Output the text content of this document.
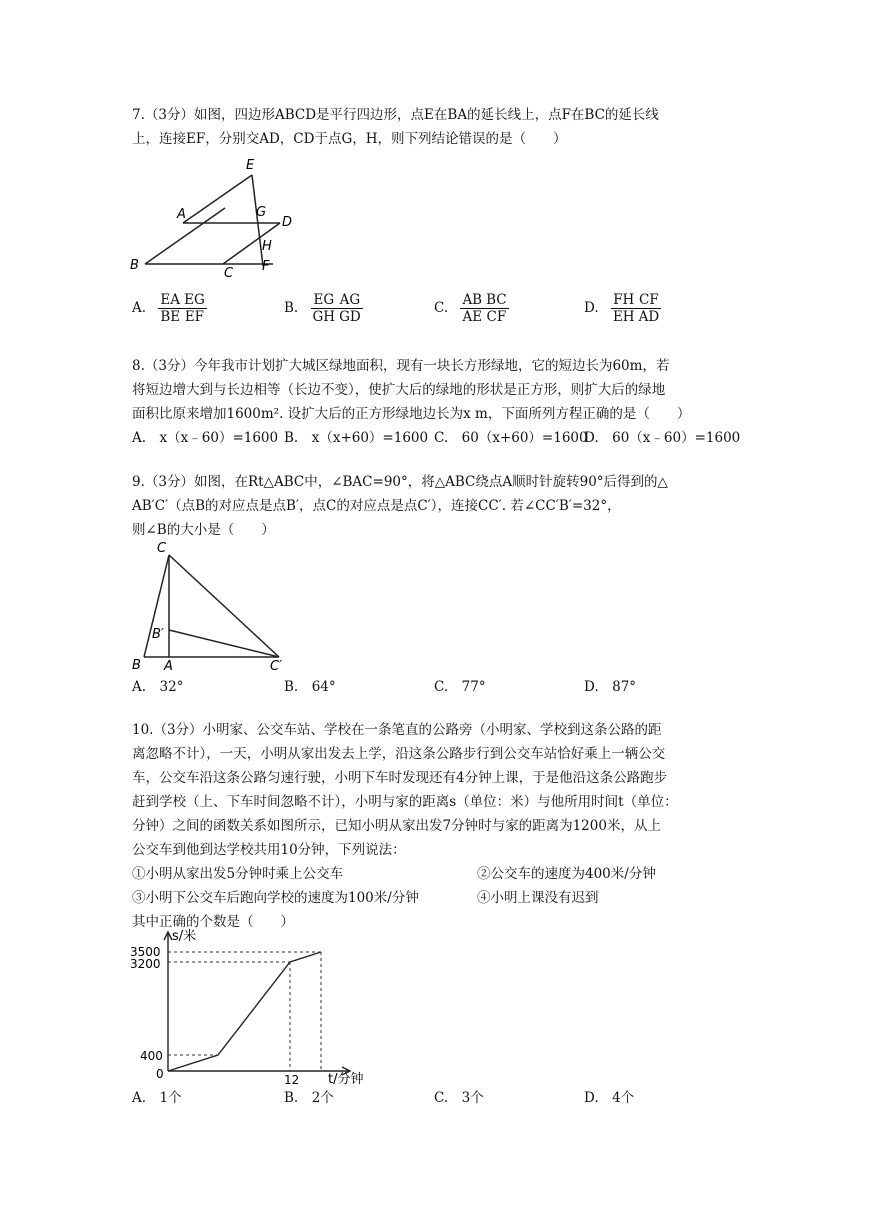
7.（3分）如图，四边形ABCD是平行四边形，点E在BA的延长线上，点F在BC的延长线
上，连接EF，分别交AD，CD于点G，H，则下列结论错误的是（　　）
E
A	G
D
H
B
C F
A. $\frac{EA}{BE} \frac{EG}{EF}$	B. $\frac{EG}{GH} \frac{AG}{GD}$	C. $\frac{AB}{AE} \frac{BC}{CF}$	D. $\frac{FH}{EH} \frac{CF}{AD}$
8.（3分）今年我市计划扩大城区绿地面积，现有一块长方形绿地，它的短边长为60m，若
将短边增大到与长边相等（长边不变），使扩大后的绿地的形状是正方形，则扩大后的绿地
面积比原来增加1600m². 设扩大后的正方形绿地边长为x m，下面所列方程正确的是（　　）
A.　x（x﹣60）=1600 B.　x（x+60）=1600 C.　60（x+60）=1600
D.　60（x﹣60）=1600
9.（3分）如图，在Rt△ABC中，∠BAC=90°，将△ABC绕点A顺时针旋转90°后得到的△
AB′C′（点B的对应点是点B′，点C的对应点是点C′），连接CC′. 若∠CC′B′=32°，
则∠B的大小是（　　）
C
B′
B A	C′
A.　32°	B.　64°	C.　77°	D.　87°
10.（3分）小明家、公交车站、学校在一条笔直的公路旁（小明家、学校到这条公路的距
离忽略不计），一天，小明从家出发去上学，沿这条公路步行到公交车站恰好乘上一辆公交
车，公交车沿这条公路匀速行驶，小明下车时发现还有4分钟上课，于是他沿这条公路跑步
赶到学校（上、下车时间忽略不计），小明与家的距离s（单位：米）与他所用时间t（单位：
分钟）之间的函数关系如图所示，已知小明从家出发7分钟时与家的距离为1200米，从上
公交车到他到达学校共用10分钟，下列说法：
①小明从家出发5分钟时乘上公交车	②公交车的速度为400米/分钟
③小明下公交车后跑向学校的速度为100米/分钟	④小明上课没有迟到
其中正确的个数是（　　）
s/米
3500
3200
400
0	12 t/分钟
A.　1个	B.　2个	C.　3个	D.　4个
